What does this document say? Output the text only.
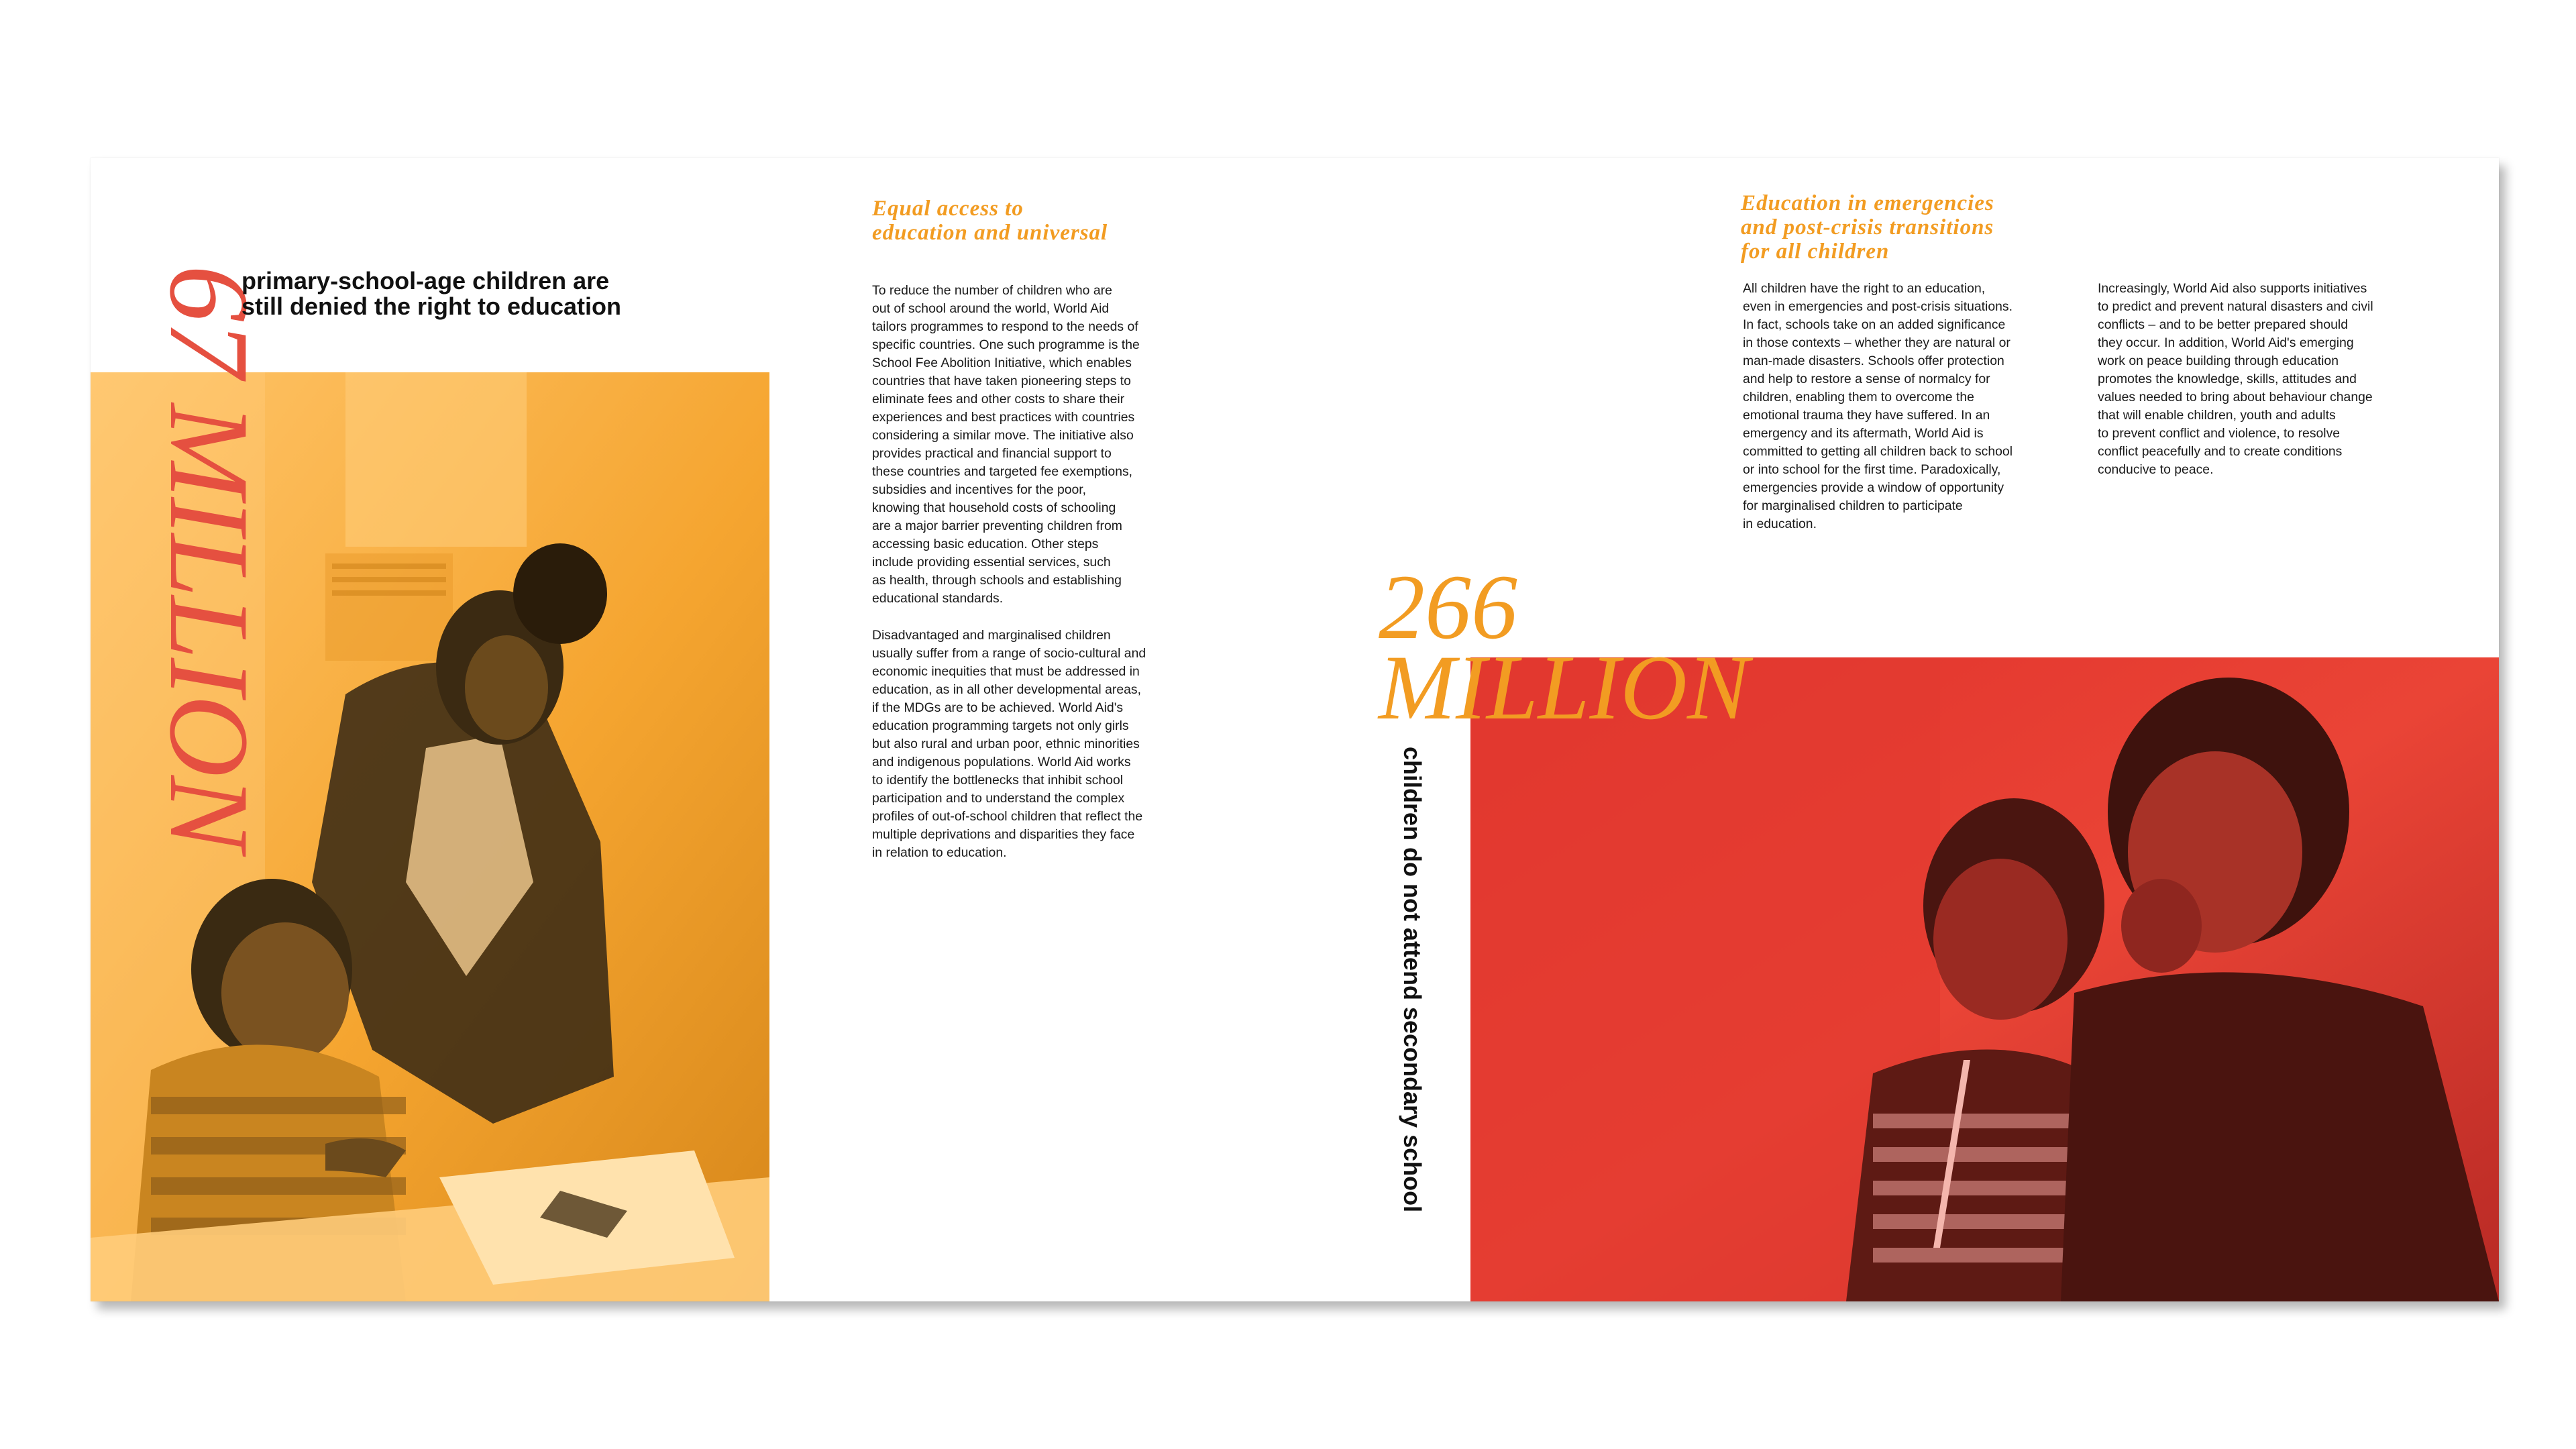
67 MILLION
primary-school-age children are
still denied the right to education
Equal access to
education and universal

To reduce the number of children who are
out of school around the world, World Aid
tailors programmes to respond to the needs of
specific countries. One such programme is the
School Fee Abolition Initiative, which enables
countries that have taken pioneering steps to
eliminate fees and other costs to share their
experiences and best practices with countries
considering a similar move. The initiative also
provides practical and financial support to
these countries and targeted fee exemptions,
subsidies and incentives for the poor,
knowing that household costs of schooling
are a major barrier preventing children from
accessing basic education. Other steps
include providing essential services, such
as health, through schools and establishing
educational standards.

Disadvantaged and marginalised children
usually suffer from a range of socio-cultural and
economic inequities that must be addressed in
education, as in all other developmental areas,
if the MDGs are to be achieved. World Aid's
education programming targets not only girls
but also rural and urban poor, ethnic minorities
and indigenous populations. World Aid works
to identify the bottlenecks that inhibit school
participation and to understand the complex
profiles of out-of-school children that reflect the
multiple deprivations and disparities they face
in relation to education.

Education in emergencies
and post-crisis transitions
for all children

All children have the right to an education,
even in emergencies and post-crisis situations.
In fact, schools take on an added significance
in those contexts – whether they are natural or
man-made disasters. Schools offer protection
and help to restore a sense of normalcy for
children, enabling them to overcome the
emotional trauma they have suffered. In an
emergency and its aftermath, World Aid is
committed to getting all children back to school
or into school for the first time. Paradoxically,
emergencies provide a window of opportunity
for marginalised children to participate
in education.

Increasingly, World Aid also supports initiatives
to predict and prevent natural disasters and civil
conflicts – and to be better prepared should
they occur. In addition, World Aid's emerging
work on peace building through education
promotes the knowledge, skills, attitudes and
values needed to bring about behaviour change
that will enable children, youth and adults
to prevent conflict and violence, to resolve
conflict peacefully and to create conditions
conducive to peace.

266
MILLION
children do not attend secondary school
